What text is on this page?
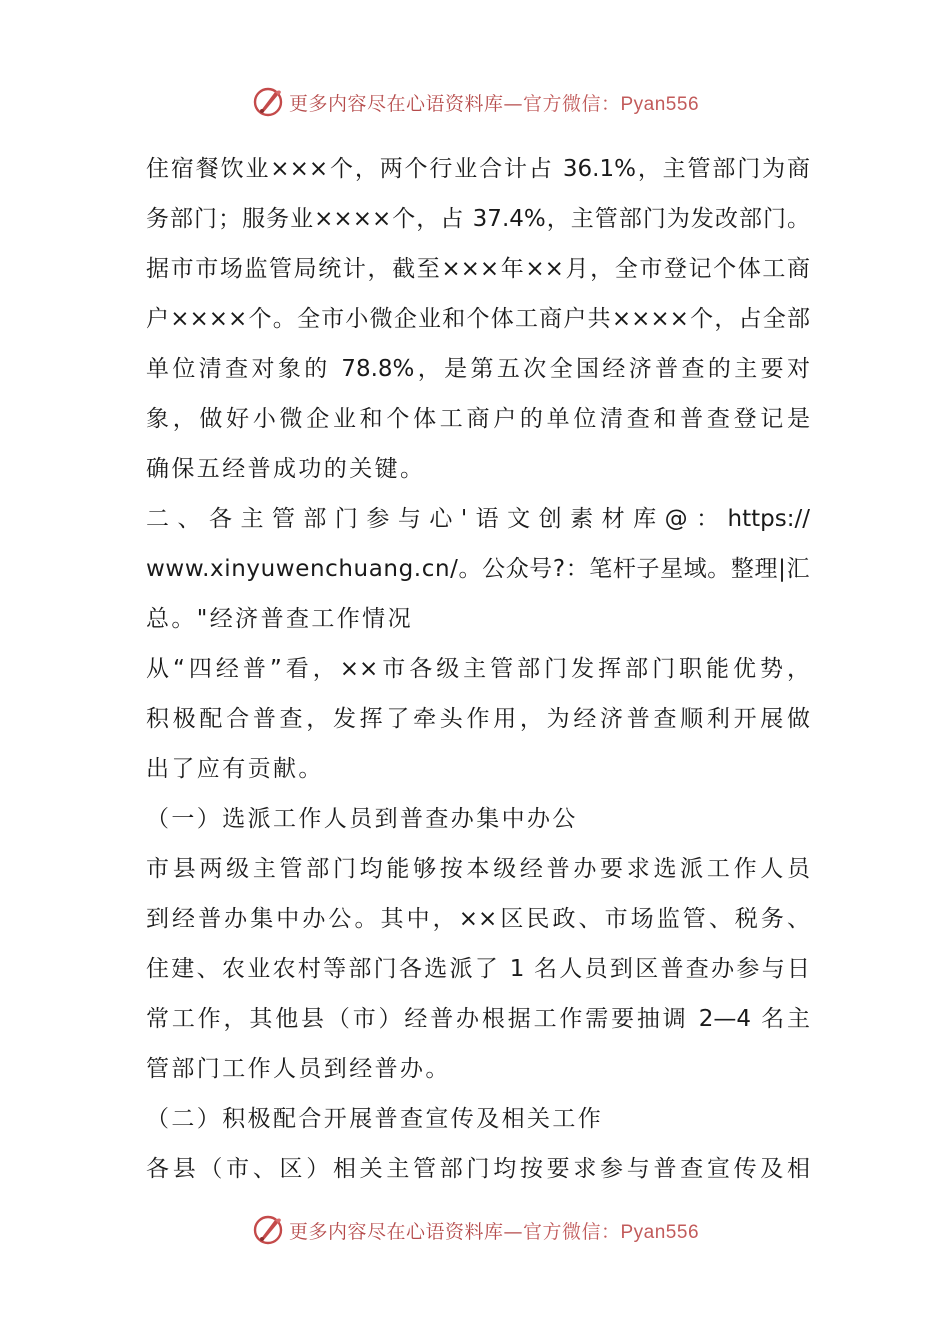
更多内容尽在心语资料库—官方微信：Pyan556
住宿餐饮业×××个，两个行业合计占 36.1%，主管部门为商
务部门；服务业××××个，占 37.4%，主管部门为发改部门。
据市市场监管局统计，截至×××年××月，全市登记个体工商
户××××个。全市小微企业和个体工商户共××××个，占全部
单位清查对象的 78.8%，是第五次全国经济普查的主要对
象，做好小微企业和个体工商户的单位清查和普查登记是
确保五经普成功的关键。
二、各主管部门参与心'语文创素材库@：https://
www.xinyuwenchuang.cn/。公众号?：笔杆子星域。整理|汇
总。"经济普查工作情况
从“四经普”看，××市各级主管部门发挥部门职能优势，
积极配合普查，发挥了牵头作用，为经济普查顺利开展做
出了应有贡献。
（一）选派工作人员到普查办集中办公
市县两级主管部门均能够按本级经普办要求选派工作人员
到经普办集中办公。其中，××区民政、市场监管、税务、
住建、农业农村等部门各选派了 1 名人员到区普查办参与日
常工作，其他县（市）经普办根据工作需要抽调 2—4 名主
管部门工作人员到经普办。
（二）积极配合开展普查宣传及相关工作
各县（市、区）相关主管部门均按要求参与普查宣传及相
更多内容尽在心语资料库—官方微信：Pyan556
